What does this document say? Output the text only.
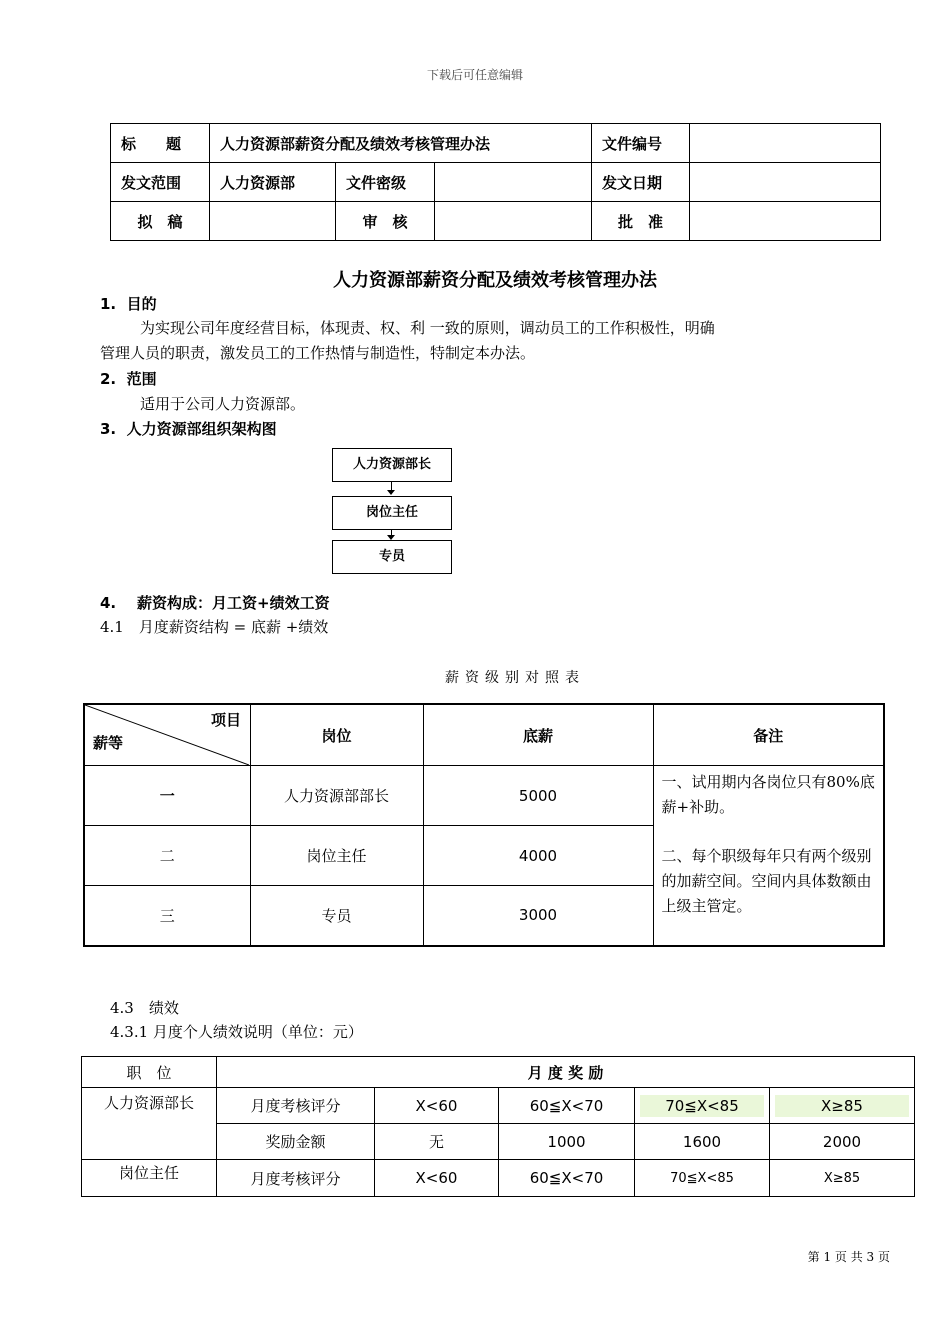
下载后可任意编辑
标　　题	人力资源部薪资分配及绩效考核管理办法			文件编号	
发文范围	人力资源部	文件密级		发文日期	
拟　稿		审　核		批　准	
人力资源部薪资分配及绩效考核管理办法
1. 目的
为实现公司年度经营目标，体现责、权、利 一致的原则，调动员工的工作积极性，明确
管理人员的职责，激发员工的工作热情与制造性，特制定本办法。
2. 范围
适用于公司人力资源部。
3. 人力资源部组织架构图
人力资源部长
岗位主任
专员
4. 薪资构成：月工资+绩效工资
4.1　月度薪资结构 = 底薪 +绩效
薪资级别对照表
项目
薪等	岗位	底薪	备注
一	人力资源部部长	5000	一、试用期内各岗位只有80%底薪+补助。
二、每个职级每年只有两个级别的加薪空间。空间内具体数额由上级主管定。

二	岗位主任	4000	
三	专员	3000	
4.3　绩效
4.3.1 月度个人绩效说明（单位：元）
职　位	月 度 奖 励				
人力资源部长	月度考核评分	X<60	60≦X<70	70≦X<85	X≥85
	奖励金额	无	1000	1600	2000
岗位主任	月度考核评分	X<60	60≦X<70	70≦X<85	X≥85
第 1 页 共 3 页
